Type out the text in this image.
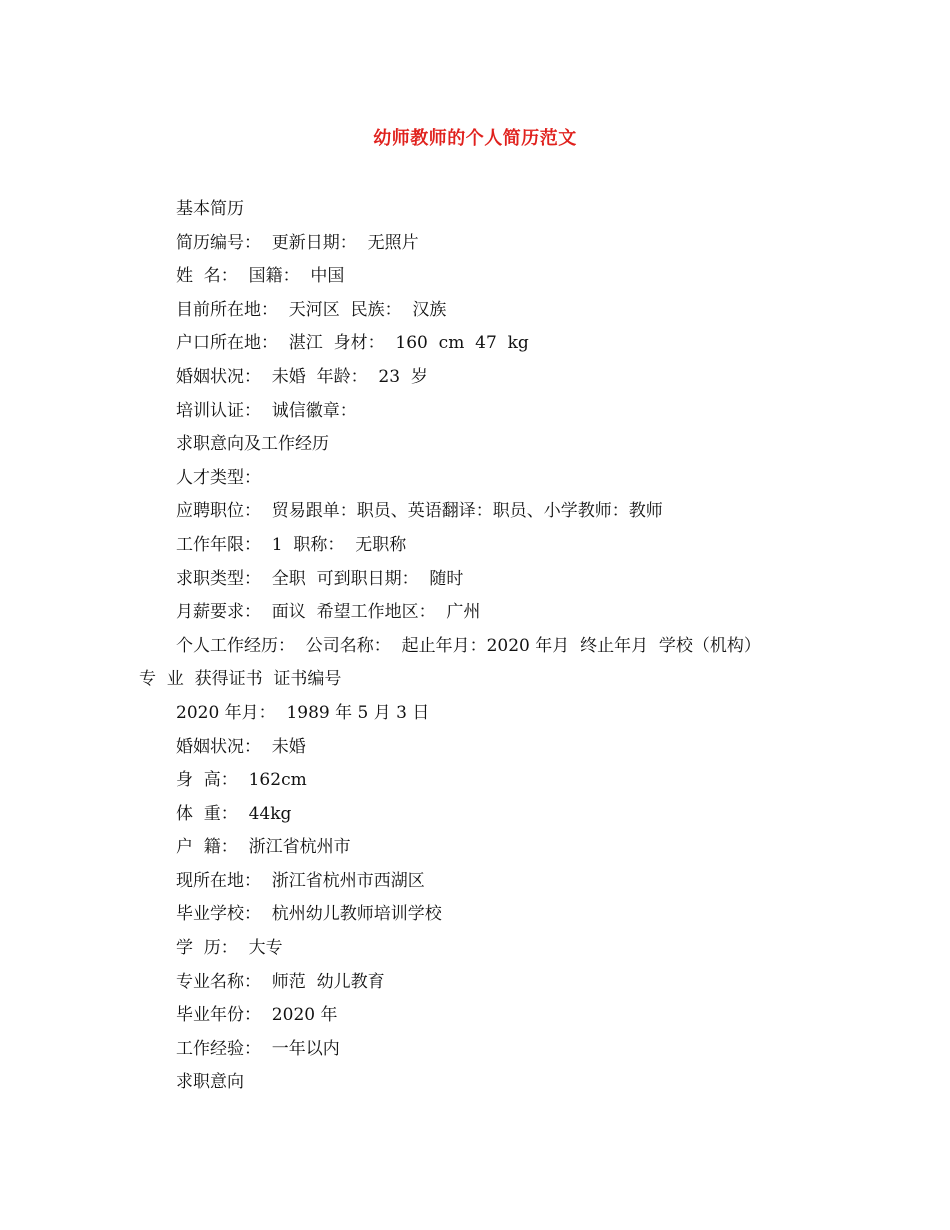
幼师教师的个人简历范文
基本简历
简历编号：  更新日期：  无照片
姓  名：  国籍：  中国
目前所在地：  天河区  民族：  汉族
户口所在地：  湛江  身材：  160  cm  47  kg
婚姻状况：  未婚  年龄：  23  岁
培训认证：  诚信徽章：
求职意向及工作经历
人才类型：
应聘职位：  贸易跟单：职员、英语翻译：职员、小学教师：教师
工作年限：  1  职称：  无职称
求职类型：  全职  可到职日期：  随时
月薪要求：  面议  希望工作地区：  广州
个人工作经历：  公司名称：  起止年月：2020 年月  终止年月  学校（机构）
专  业  获得证书  证书编号
2020 年月：  1989 年 5 月 3 日
婚姻状况：  未婚
身  高：  162cm
体  重：  44kg
户  籍：  浙江省杭州市
现所在地：  浙江省杭州市西湖区
毕业学校：  杭州幼儿教师培训学校
学  历：  大专
专业名称：  师范  幼儿教育
毕业年份：  2020 年
工作经验：  一年以内
求职意向
